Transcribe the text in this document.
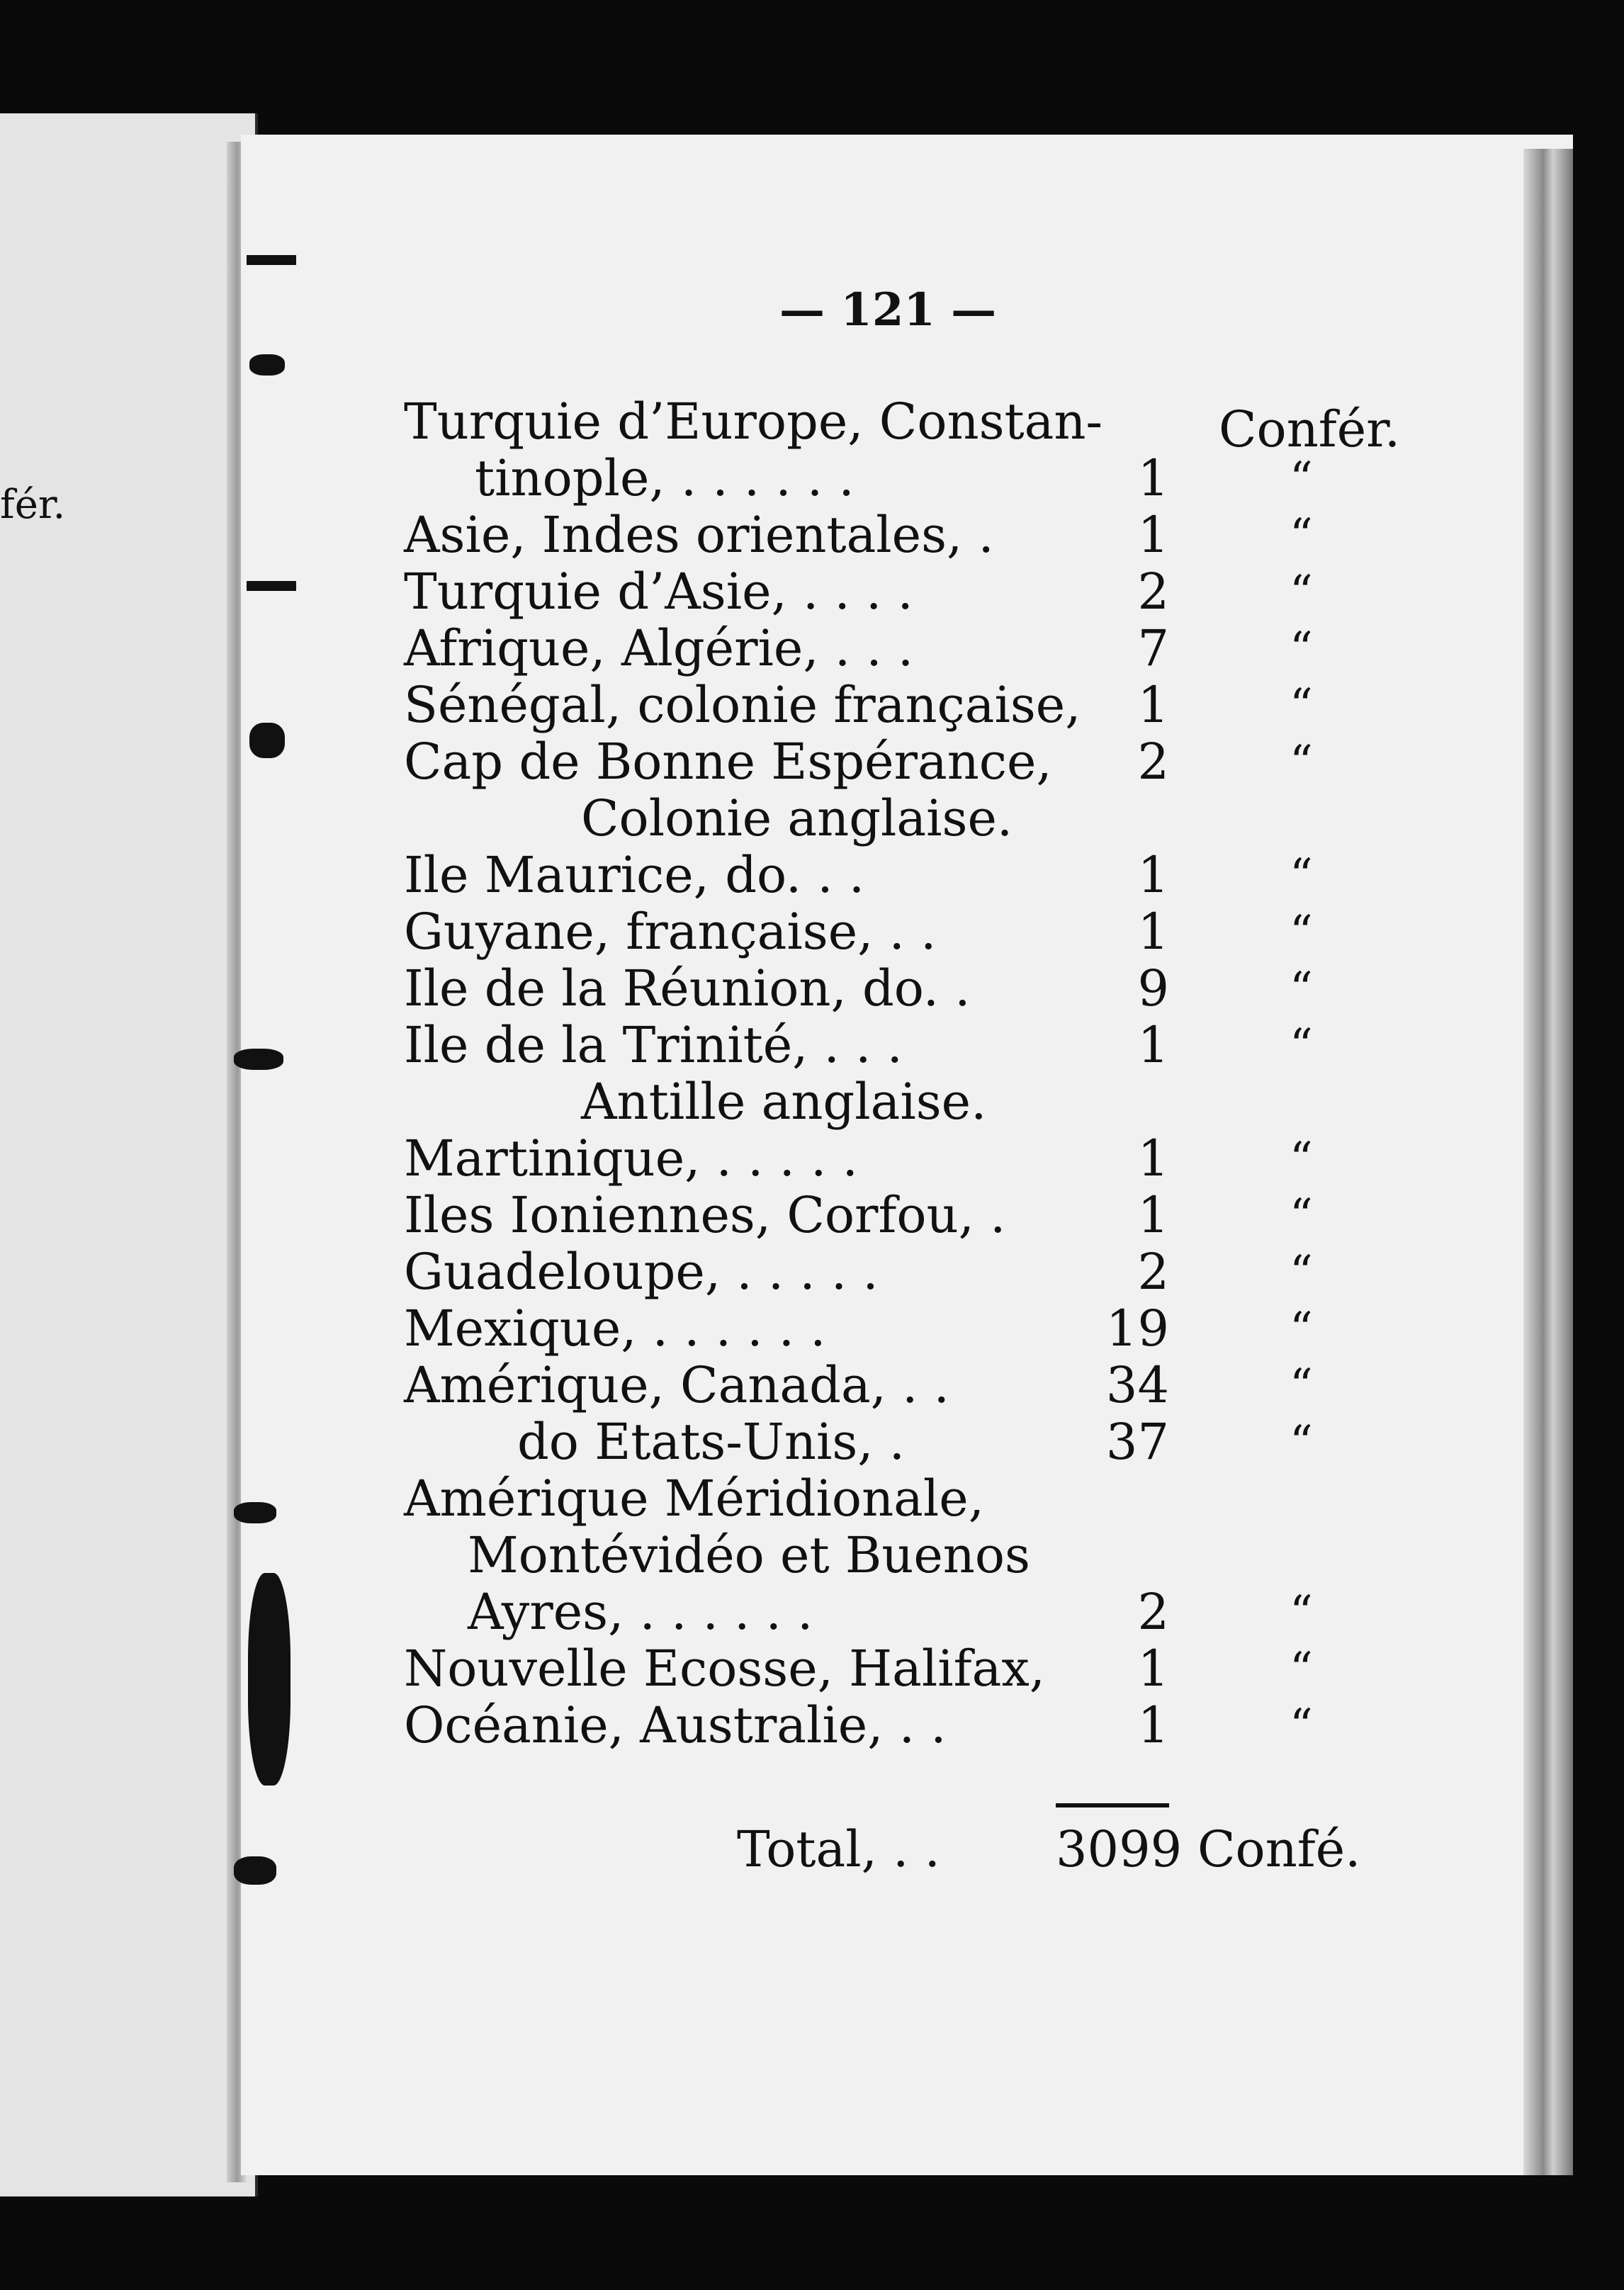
fér.
— 121 —
Confér.
Turquie d’Europe, Constan-
tinople, . . . . . .	1	“
Asie, Indes orientales, .	1	“
Turquie d’Asie, . . . .	2	“
Afrique, Algérie, . . .	7	“
Sénégal, colonie française,	1	“
Cap de Bonne Espérance,	2	“
Colonie anglaise.
Ile Maurice, do. . .	1	“
Guyane, française, . .	1	“
Ile de la Réunion, do. .	9	“
Ile de la Trinité, . . .	1	“
Antille anglaise.
Martinique, . . . . .	1	“
Iles Ioniennes, Corfou, .	1	“
Guadeloupe, . . . . .	2	“
Mexique, . . . . . .	19	“
Amérique, Canada, . .	34	“
do Etats-Unis, .	37	“
Amérique Méridionale,
Montévidéo et Buenos
Ayres, . . . . . .	2	“
Nouvelle Ecosse, Halifax,	1	“
Océanie, Australie, . .	1	“
Total, . . 3099 Confé.
